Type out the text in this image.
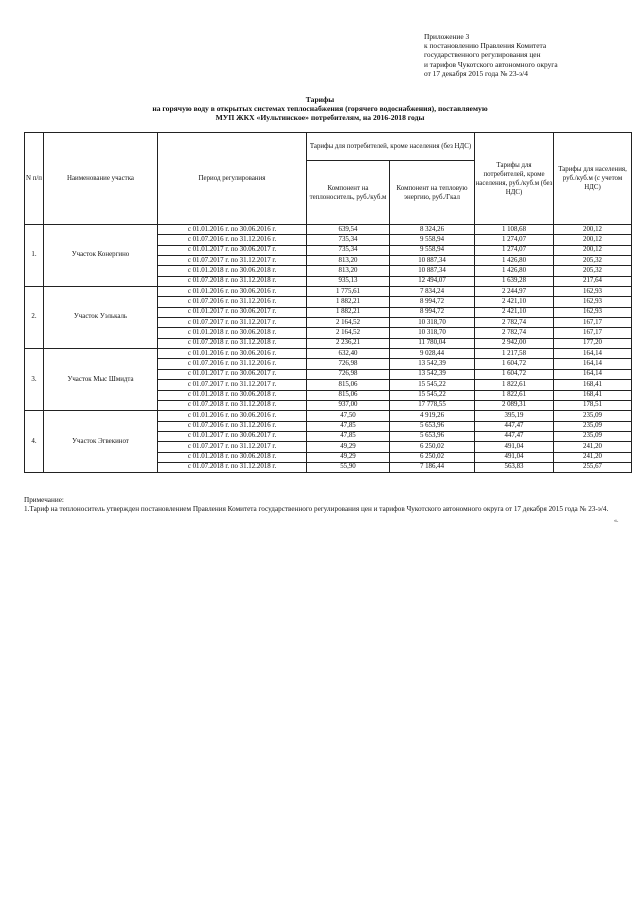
Приложение 3
к постановлению Правления Комитета
государственного регулирования цен
и тарифов Чукотского автономного округа
от 17 декабря 2015 года № 23-э/4
Тарифы
на горячую воду в открытых системах теплоснабжения (горячего водоснабжения), поставляемую
МУП ЖКХ «Иультинское» потребителям, на 2016-2018 годы
N п/п	Наименование участка	Период регулирования	Тарифы для потребителей, кроме населения (без НДС)		Тарифы для потребителей, кроме населения, руб./куб.м (без НДС)	Тарифы для населения, руб./куб.м (с учетом НДС)
			Компонент на теплоноситель, руб./куб.м	Компонент на тепловую энергию, руб./Гкал		
1.	Участок Конергино	с 01.01.2016 г. по 30.06.2016 г.	639,54	8 324,26	1 108,68	200,12
		с 01.07.2016 г. по 31.12.2016 г.	735,34	9 558,94	1 274,07	200,12
		с 01.01.2017 г. по 30.06.2017 г.	735,34	9 558,94	1 274,07	200,12
		с 01.07.2017 г. по 31.12.2017 г.	813,20	10 887,34	1 426,80	205,32
		с 01.01.2018 г. по 30.06.2018 г.	813,20	10 887,34	1 426,80	205,32
		с 01.07.2018 г. по 31.12.2018 г.	935,13	12 494,07	1 639,28	217,64
2.	Участок Уэлькаль	с 01.01.2016 г. по 30.06.2016 г.	1 775,61	7 834,24	2 244,97	162,93
		с 01.07.2016 г. по 31.12.2016 г.	1 882,21	8 994,72	2 421,10	162,93
		с 01.01.2017 г. по 30.06.2017 г.	1 882,21	8 994,72	2 421,10	162,93
		с 01.07.2017 г. по 31.12.2017 г.	2 164,52	10 318,70	2 782,74	167,17
		с 01.01.2018 г. по 30.06.2018 г.	2 164,52	10 318,70	2 782,74	167,17
		с 01.07.2018 г. по 31.12.2018 г.	2 236,21	11 780,04	2 942,00	177,20
3.	Участок Мыс Шмидта	с 01.01.2016 г. по 30.06.2016 г.	632,40	9 028,44	1 217,58	164,14
		с 01.07.2016 г. по 31.12.2016 г.	726,98	13 542,39	1 604,72	164,14
		с 01.01.2017 г. по 30.06.2017 г.	726,98	13 542,39	1 604,72	164,14
		с 01.07.2017 г. по 31.12.2017 г.	815,06	15 545,22	1 822,61	168,41
		с 01.01.2018 г. по 30.06.2018 г.	815,06	15 545,22	1 822,61	168,41
		с 01.07.2018 г. по 31.12.2018 г.	937,00	17 778,55	2 089,31	178,51
4.	Участок Эгвекинот	с 01.01.2016 г. по 30.06.2016 г.	47,50	4 919,26	395,19	235,09
		с 01.07.2016 г. по 31.12.2016 г.	47,85	5 653,96	447,47	235,09
		с 01.01.2017 г. по 30.06.2017 г.	47,85	5 653,96	447,47	235,09
		с 01.07.2017 г. по 31.12.2017 г.	49,29	6 250,02	491,04	241,20
		с 01.01.2018 г. по 30.06.2018 г.	49,29	6 250,02	491,04	241,20
		с 01.07.2018 г. по 31.12.2018 г.	55,90	7 186,44	563,83	255,67
Примечание:
1.Тариф на теплоноситель утвержден постановлением Правления Комитета государственного регулирования цен и тарифов Чукотского автономного округа от 17 декабря 2015 года № 23-э/4.
«.
